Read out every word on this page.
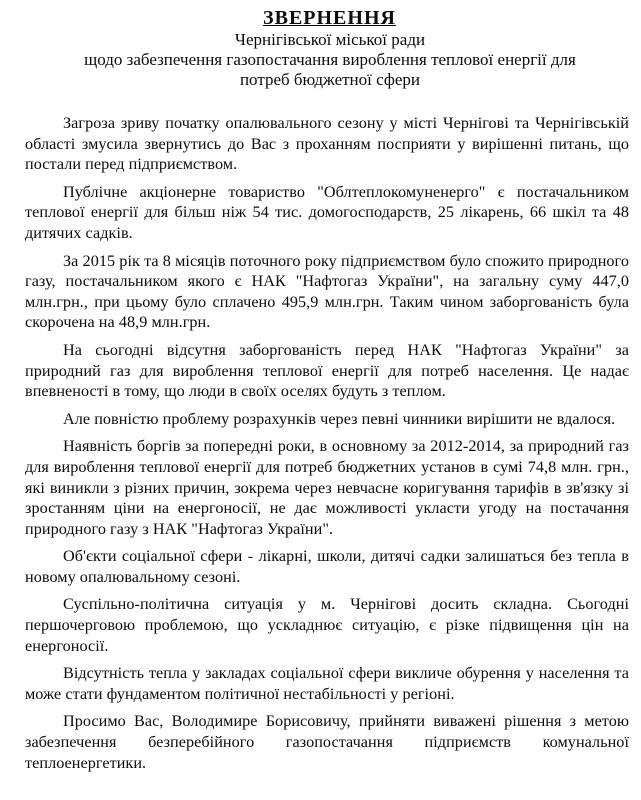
ЗВЕРНЕННЯ
Чернігівської міської ради
щодо забезпечення газопостачання вироблення теплової енергії для
потреб бюджетної сфери

Загроза зриву початку опалювального сезону у місті Чернігові та Чернігівській області змусила звернутись до Вас з проханням посприяти у вирішенні питань, що постали перед підприємством.

Публічне акціонерне товариство "Облтеплокомуненерго" є постачальником теплової енергії для більш ніж 54 тис. домогосподарств, 25 лікарень, 66 шкіл та 48 дитячих садків.

За 2015 рік та 8 місяців поточного року підприємством було спожито природного газу, постачальником якого є НАК "Нафтогаз України", на загальну суму 447,0 млн.грн., при цьому було сплачено 495,9 млн.грн. Таким чином заборгованість була скорочена на 48,9 млн.грн.

На сьогодні відсутня заборгованість перед НАК "Нафтогаз України" за природний газ для вироблення теплової енергії для потреб населення. Це надає впевненості в тому, що люди в своїх оселях будуть з теплом.

Але повністю проблему розрахунків через певні чинники вирішити не вдалося.

Наявність боргів за попередні роки, в основному за 2012-2014, за природний газ для вироблення теплової енергії для потреб бюджетних установ в сумі 74,8 млн. грн., які виникли з різних причин, зокрема через невчасне коригування тарифів в зв'язку зі зростанням ціни на енергоносії, не дає можливості укласти угоду на постачання природного газу з НАК "Нафтогаз України".

Об'єкти соціальної сфери - лікарні, школи, дитячі садки залишаться без тепла в новому опалювальному сезоні.

Суспільно-політична ситуація у м. Чернігові досить складна. Сьогодні першочерговою проблемою, що ускладнює ситуацію, є різке підвищення цін на енергоносії.

Відсутність тепла у закладах соціальної сфери викличе обурення у населення та може стати фундаментом політичної нестабільності у регіоні.

Просимо Вас, Володимире Борисовичу, прийняти виважені рішення з метою забезпечення безперебійного газопостачання підприємств комунальної теплоенергетики.
